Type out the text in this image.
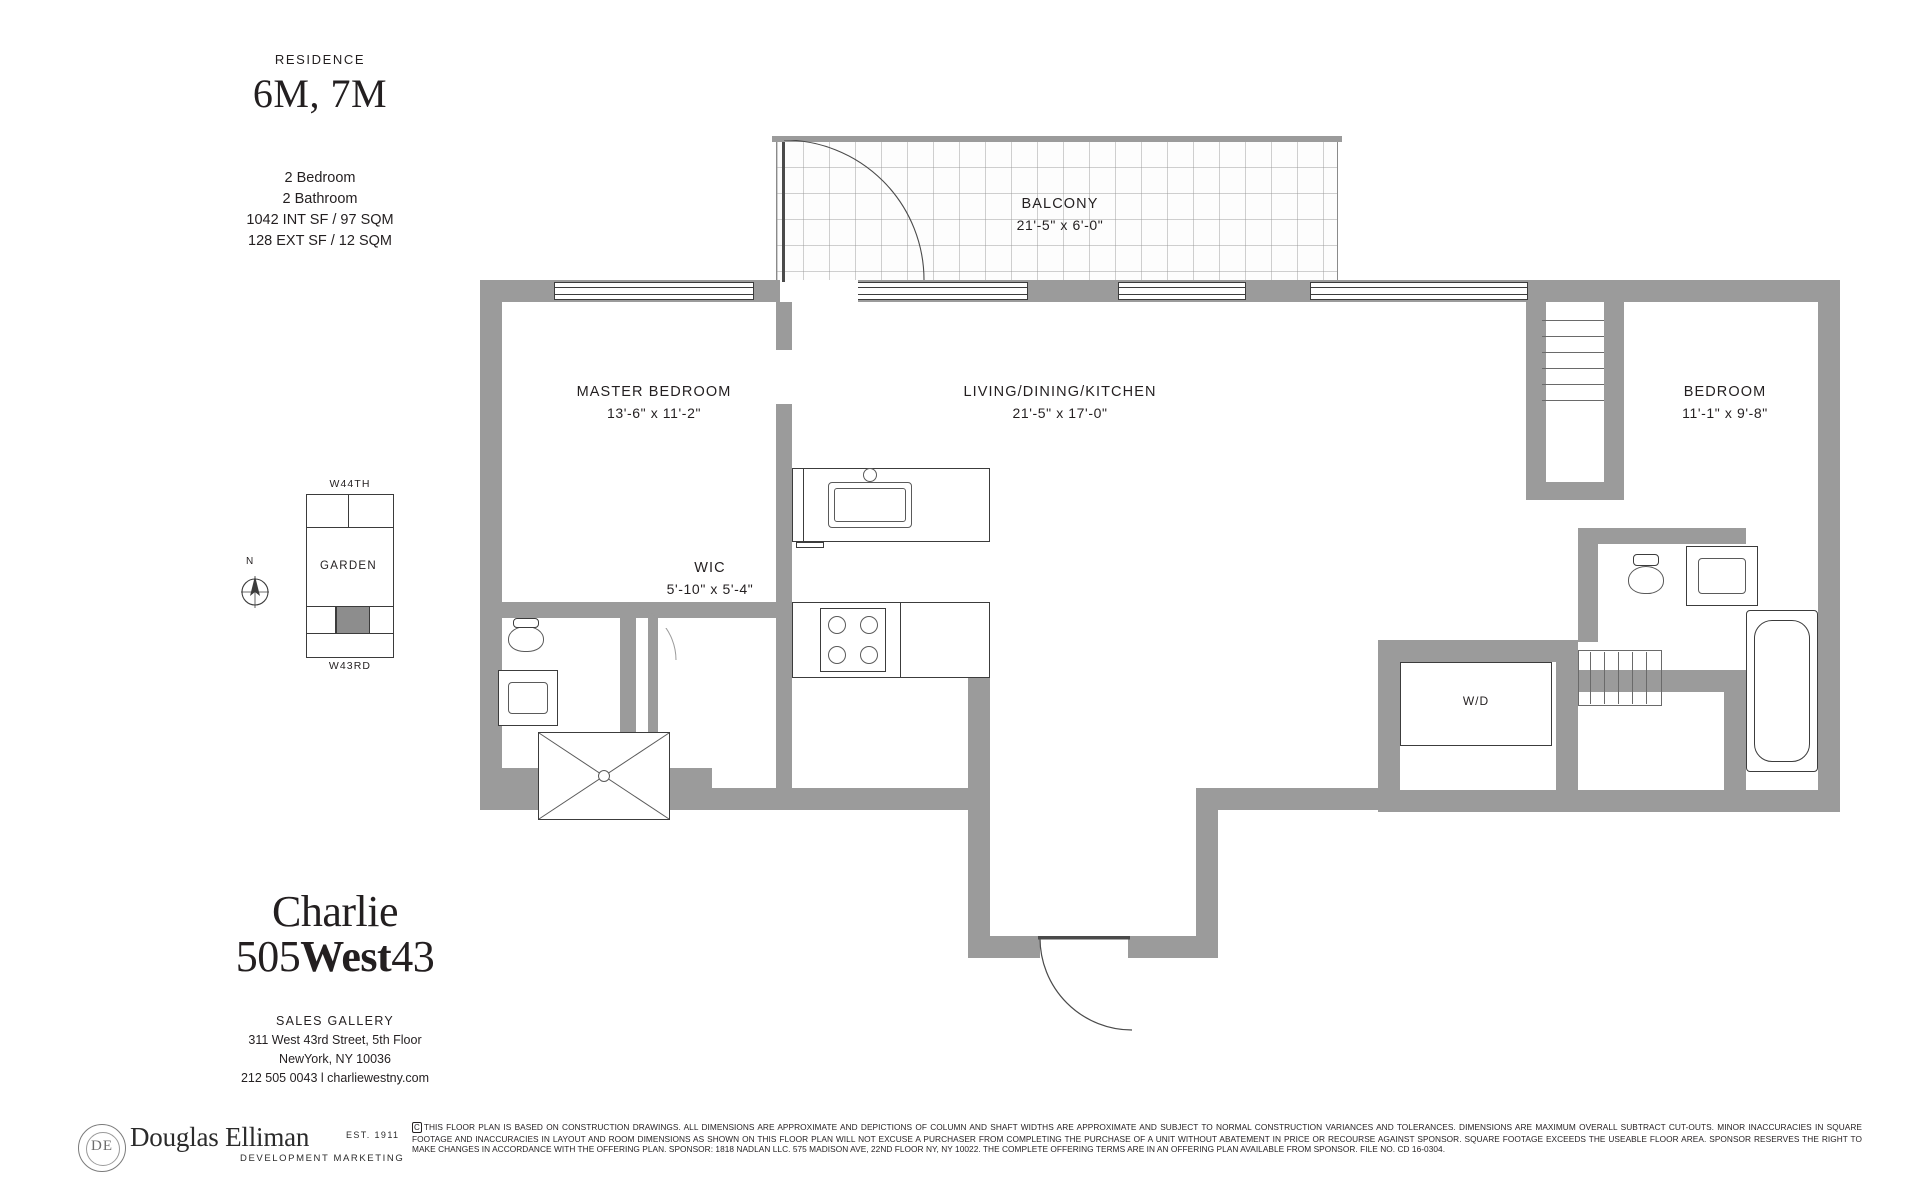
RESIDENCE
6M, 7M
2 Bedroom
2 Bathroom
1042 INT SF / 97 SQM
128 EXT SF / 12 SQM
W44TH
GARDEN
W43RD
N
BALCONY
21'-5" x 6'-0"
MASTER BEDROOM
13'-6" x 11'-2"
LIVING/DINING/KITCHEN
21'-5" x 17'-0"
BEDROOM
11'-1" x 9'-8"
WIC
5'-10" x 5'-4"
W/D
Charlie
505West43
SALES GALLERY
311 West 43rd Street, 5th Floor
NewYork, NY 10036
212 505 0043 l charliewestny.com
DE Douglas Elliman	EST. 1911
DEVELOPMENT MARKETING
C THIS FLOOR PLAN IS BASED ON CONSTRUCTION DRAWINGS. ALL DIMENSIONS ARE APPROXIMATE AND DEPICTIONS OF COLUMN AND SHAFT WIDTHS ARE APPROXIMATE AND SUBJECT TO NORMAL CONSTRUCTION VARIANCES AND TOLERANCES. DIMENSIONS ARE MAXIMUM OVERALL SUBTRACT CUT-OUTS. MINOR INACCURACIES IN SQUARE FOOTAGE AND INACCURACIES IN LAYOUT AND ROOM DIMENSIONS AS SHOWN ON THIS FLOOR PLAN WILL NOT EXCUSE A PURCHASER FROM COMPLETING THE PURCHASE OF A UNIT WITHOUT ABATEMENT IN PRICE OR RECOURSE AGAINST SPONSOR. SQUARE FOOTAGE EXCEEDS THE USEABLE FLOOR AREA. SPONSOR RESERVES THE RIGHT TO MAKE CHANGES IN ACCORDANCE WITH THE OFFERING PLAN. SPONSOR: 1818 NADLAN LLC. 575 MADISON AVE, 22ND FLOOR NY, NY 10022. THE COMPLETE OFFERING TERMS ARE IN AN OFFERING PLAN AVAILABLE FROM SPONSOR. FILE NO. CD 16-0304.
